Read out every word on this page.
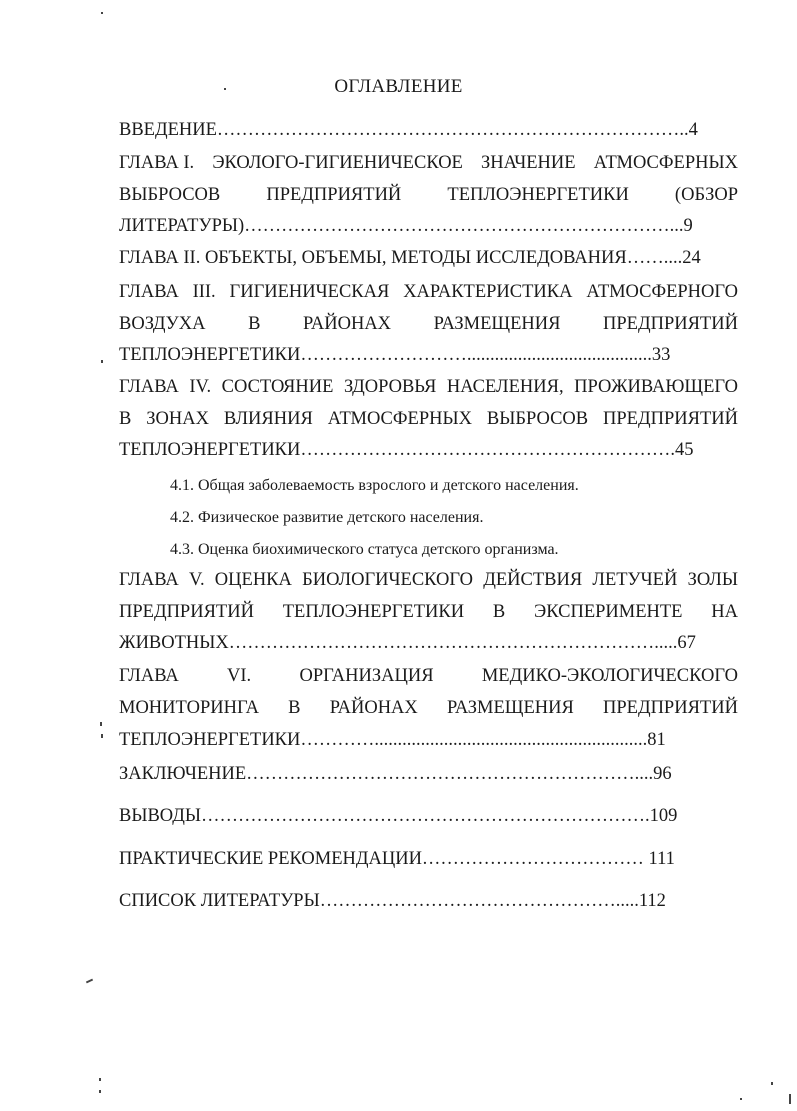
ОГЛАВЛЕНИЕ
ВВЕДЕНИЕ…………………………………………………………………..4
ГЛАВА I. ЭКОЛОГО-ГИГИЕНИЧЕСКОЕ ЗНАЧЕНИЕ АТМОСФЕРНЫХ
ВЫБРОСОВ ПРЕДПРИЯТИЙ ТЕПЛОЭНЕРГЕТИКИ (ОБЗОР
ЛИТЕРАТУРЫ)……………………………………………………………...9
ГЛАВА II. ОБЪЕКТЫ, ОБЪЕМЫ, МЕТОДЫ ИССЛЕДОВАНИЯ……....24
ГЛАВА III. ГИГИЕНИЧЕСКАЯ ХАРАКТЕРИСТИКА АТМОСФЕРНОГО
ВОЗДУХА В РАЙОНАХ РАЗМЕЩЕНИЯ ПРЕДПРИЯТИЙ
ТЕПЛОЭНЕРГЕТИКИ………………………........................................33
ГЛАВА IV. СОСТОЯНИЕ ЗДОРОВЬЯ НАСЕЛЕНИЯ, ПРОЖИВАЮЩЕГО
В ЗОНАХ ВЛИЯНИЯ АТМОСФЕРНЫХ ВЫБРОСОВ ПРЕДПРИЯТИЙ
ТЕПЛОЭНЕРГЕТИКИ…………………………………………………….45
4.1. Общая заболеваемость взрослого и детского населения.
4.2. Физическое развитие детского населения.
4.3. Оценка биохимического статуса детского организма.
ГЛАВА V. ОЦЕНКА БИОЛОГИЧЕСКОГО ДЕЙСТВИЯ ЛЕТУЧЕЙ ЗОЛЫ
ПРЕДПРИЯТИЙ ТЕПЛОЭНЕРГЕТИКИ В ЭКСПЕРИМЕНТЕ НА
ЖИВОТНЫХ…………………………………………………………….....67
ГЛАВА	VI.	ОРГАНИЗАЦИЯ	МЕДИКО-ЭКОЛОГИЧЕСКОГО
МОНИТОРИНГА В РАЙОНАХ РАЗМЕЩЕНИЯ ПРЕДПРИЯТИЙ
ТЕПЛОЭНЕРГЕТИКИ…………...........................................................81
ЗАКЛЮЧЕНИЕ………………………………………………………....96
ВЫВОДЫ……………………………………………………………….109
ПРАКТИЧЕСКИЕ РЕКОМЕНДАЦИИ……………………………… 111
СПИСОК ЛИТЕРАТУРЫ………………………………………….....112
